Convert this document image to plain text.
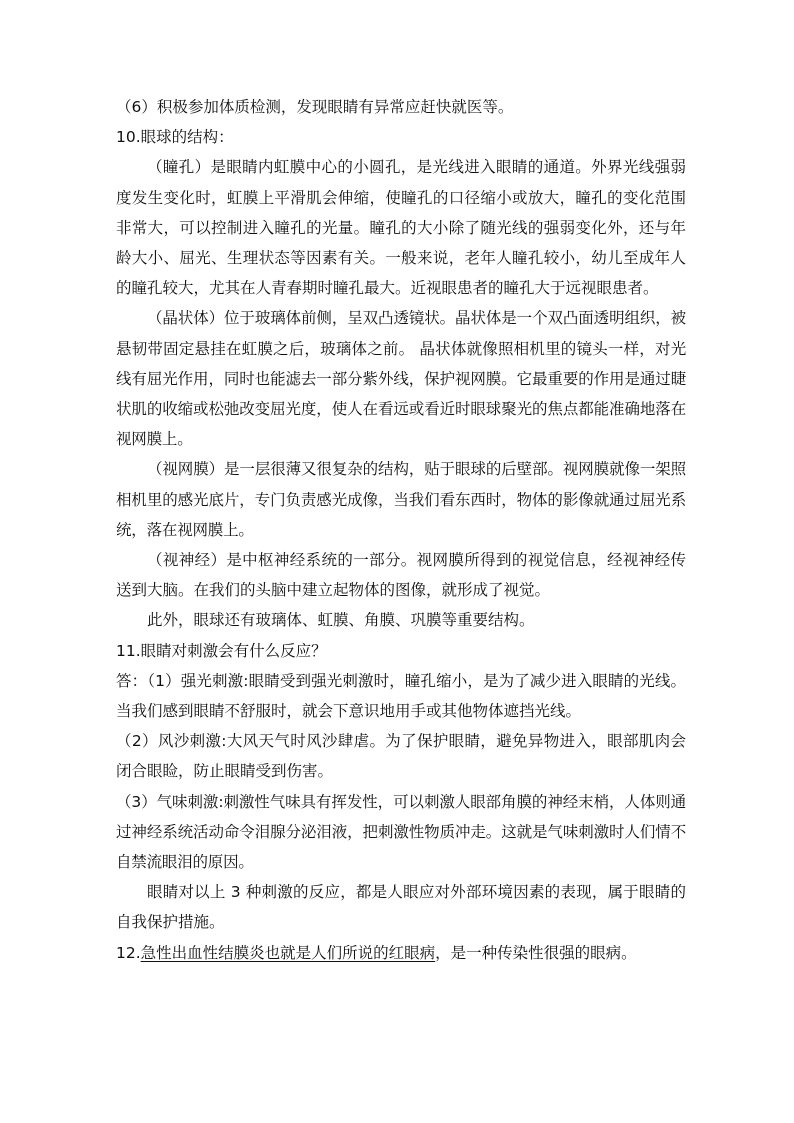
（6）积极参加体质检测，发现眼睛有异常应赶快就医等。

10.眼球的结构：

（瞳孔）是眼睛内虹膜中心的小圆孔，是光线进入眼睛的通道。外界光线强弱度发生变化时，虹膜上平滑肌会伸缩，使瞳孔的口径缩小或放大，瞳孔的变化范围非常大，可以控制进入瞳孔的光量。瞳孔的大小除了随光线的强弱变化外，还与年龄大小、屈光、生理状态等因素有关。一般来说，老年人瞳孔较小，幼儿至成年人的瞳孔较大，尤其在人青春期时瞳孔最大。近视眼患者的瞳孔大于远视眼患者。

（晶状体）位于玻璃体前侧，呈双凸透镜状。晶状体是一个双凸面透明组织，被悬韧带固定悬挂在虹膜之后，玻璃体之前。 晶状体就像照相机里的镜头一样，对光线有屈光作用，同时也能滤去一部分紫外线，保护视网膜。它最重要的作用是通过睫状肌的收缩或松弛改变屈光度，使人在看远或看近时眼球聚光的焦点都能准确地落在视网膜上。

（视网膜）是一层很薄又很复杂的结构，贴于眼球的后壁部。视网膜就像一架照相机里的感光底片，专门负责感光成像，当我们看东西时，物体的影像就通过屈光系统，落在视网膜上。

（视神经）是中枢神经系统的一部分。视网膜所得到的视觉信息，经视神经传送到大脑。在我们的头脑中建立起物体的图像，就形成了视觉。

此外，眼球还有玻璃体、虹膜、角膜、巩膜等重要结构。

11.眼睛对刺激会有什么反应？

答：（1）强光刺激:眼睛受到强光刺激时，瞳孔缩小，是为了减少进入眼睛的光线。当我们感到眼睛不舒服时，就会下意识地用手或其他物体遮挡光线。

（2）风沙刺激:大风天气时风沙肆虐。为了保护眼睛，避免异物进入，眼部肌肉会闭合眼睑，防止眼睛受到伤害。

（3）气味刺激:刺激性气味具有挥发性，可以刺激人眼部角膜的神经末梢，人体则通过神经系统活动命令泪腺分泌泪液，把刺激性物质冲走。这就是气味刺激时人们情不自禁流眼泪的原因。

眼睛对以上 3 种刺激的反应，都是人眼应对外部环境因素的表现，属于眼睛的自我保护措施。

12.急性出血性结膜炎也就是人们所说的红眼病，是一种传染性很强的眼病。
